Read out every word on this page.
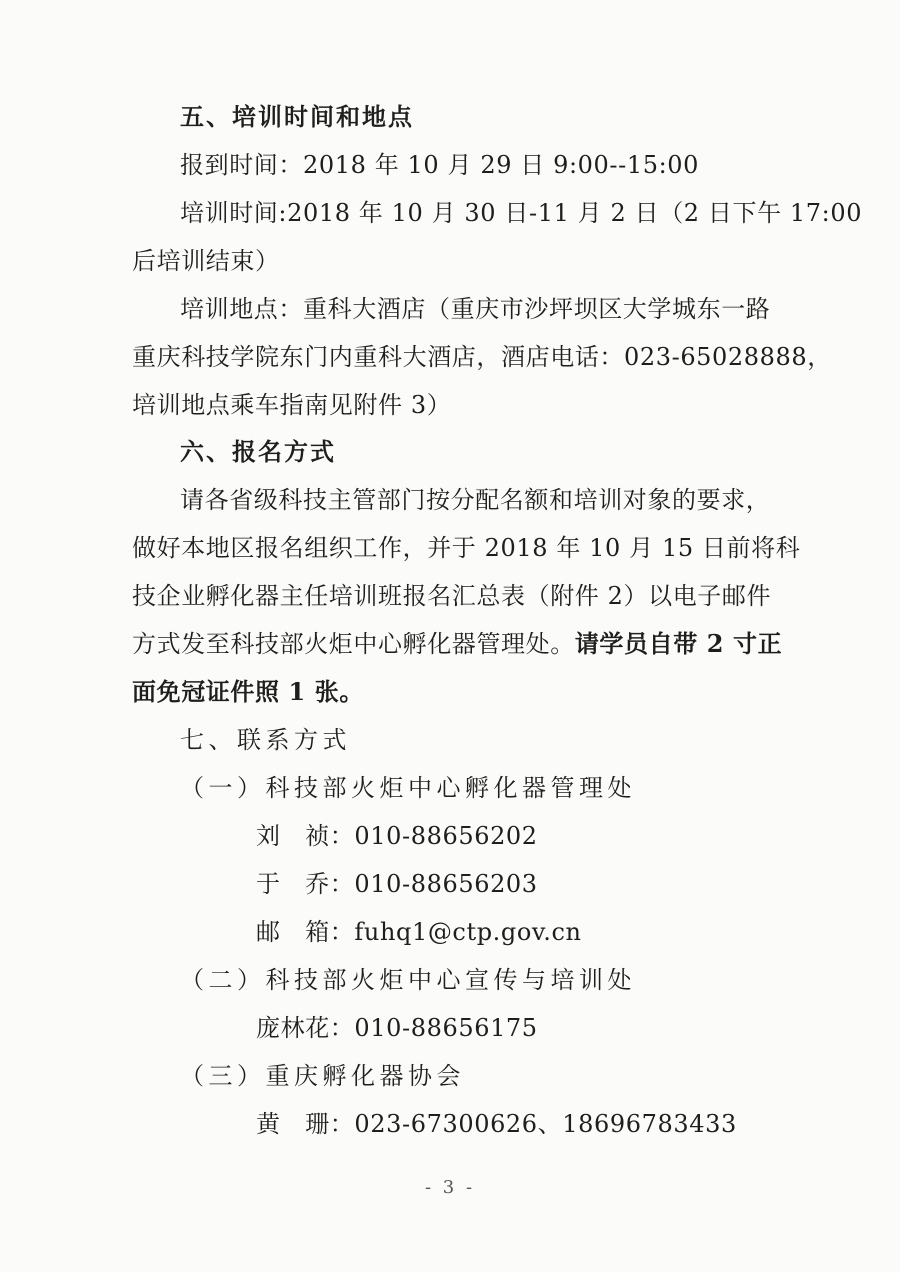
五、培训时间和地点
报到时间：2018 年 10 月 29 日 9:00--15:00
培训时间:2018 年 10 月 30 日-11 月 2 日（2 日下午 17:00
后培训结束）
培训地点：重科大酒店（重庆市沙坪坝区大学城东一路
重庆科技学院东门内重科大酒店，酒店电话：023-65028888，
培训地点乘车指南见附件 3）
六、报名方式
请各省级科技主管部门按分配名额和培训对象的要求，
做好本地区报名组织工作，并于 2018 年 10 月 15 日前将科
技企业孵化器主任培训班报名汇总表（附件 2）以电子邮件
方式发至科技部火炬中心孵化器管理处。请学员自带 2 寸正
面免冠证件照 1 张。
七、联系方式
（一）科技部火炬中心孵化器管理处
刘　祯：010-88656202
于　乔：010-88656203
邮　箱：fuhq1@ctp.gov.cn
（二）科技部火炬中心宣传与培训处
庞林花：010-88656175
（三）重庆孵化器协会
黄　珊：023-67300626、18696783433
- 3 -
